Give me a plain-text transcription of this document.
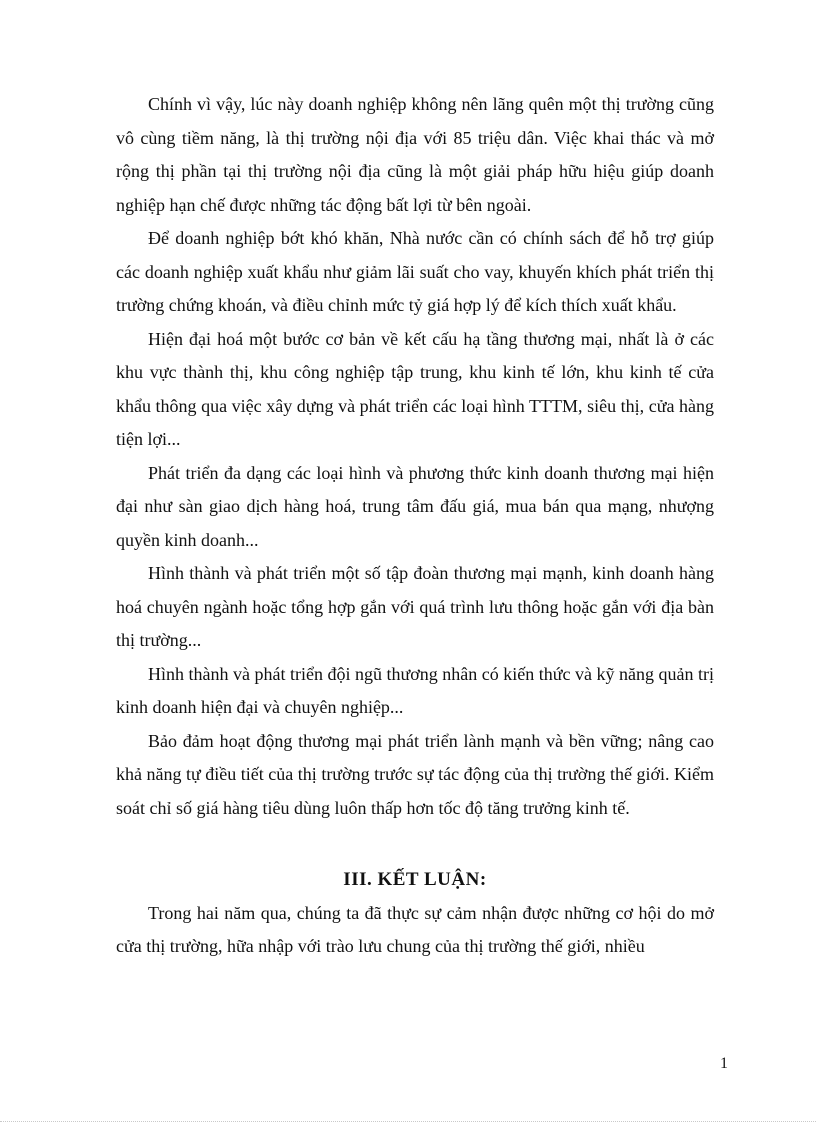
Chính vì vậy, lúc này doanh nghiệp không nên lãng quên một thị trường cũng vô cùng tiềm năng, là thị trường nội địa với 85 triệu dân. Việc khai thác và mở rộng thị phần tại thị trường nội địa cũng là một giải pháp hữu hiệu giúp doanh nghiệp hạn chế được những tác động bất lợi từ bên ngoài.

Để doanh nghiệp bớt khó khăn, Nhà nước cần có chính sách để hỗ trợ giúp các doanh nghiệp xuất khẩu như giảm lãi suất cho vay, khuyến khích phát triển thị trường chứng khoán, và điều chỉnh mức tỷ giá hợp lý để kích thích xuất khẩu.

Hiện đại hoá một bước cơ bản về kết cấu hạ tầng thương mại, nhất là ở các khu vực thành thị, khu công nghiệp tập trung, khu kinh tế lớn, khu kinh tế cửa khẩu thông qua việc xây dựng và phát triển các loại hình TTTM, siêu thị, cửa hàng tiện lợi...

Phát triển đa dạng các loại hình và phương thức kinh doanh thương mại hiện đại như sàn giao dịch hàng hoá, trung tâm đấu giá, mua bán qua mạng, nhượng quyền kinh doanh...

Hình thành và phát triển một số tập đoàn thương mại mạnh, kinh doanh hàng hoá chuyên ngành hoặc tổng hợp gắn với quá trình lưu thông hoặc gắn với địa bàn thị trường...

Hình thành và phát triển đội ngũ thương nhân có kiến thức và kỹ năng quản trị kinh doanh hiện đại và chuyên nghiệp...

Bảo đảm hoạt động thương mại phát triển lành mạnh và bền vững; nâng cao khả năng tự điều tiết của thị trường trước sự tác động của thị trường thế giới. Kiểm soát chỉ số giá hàng tiêu dùng luôn thấp hơn tốc độ tăng trưởng kinh tế.

III. KẾT LUẬN:

Trong hai năm qua, chúng ta đã thực sự cảm nhận được những cơ hội do mở cửa thị trường, hữa nhập với trào lưu chung của thị trường thế giới, nhiều

1
